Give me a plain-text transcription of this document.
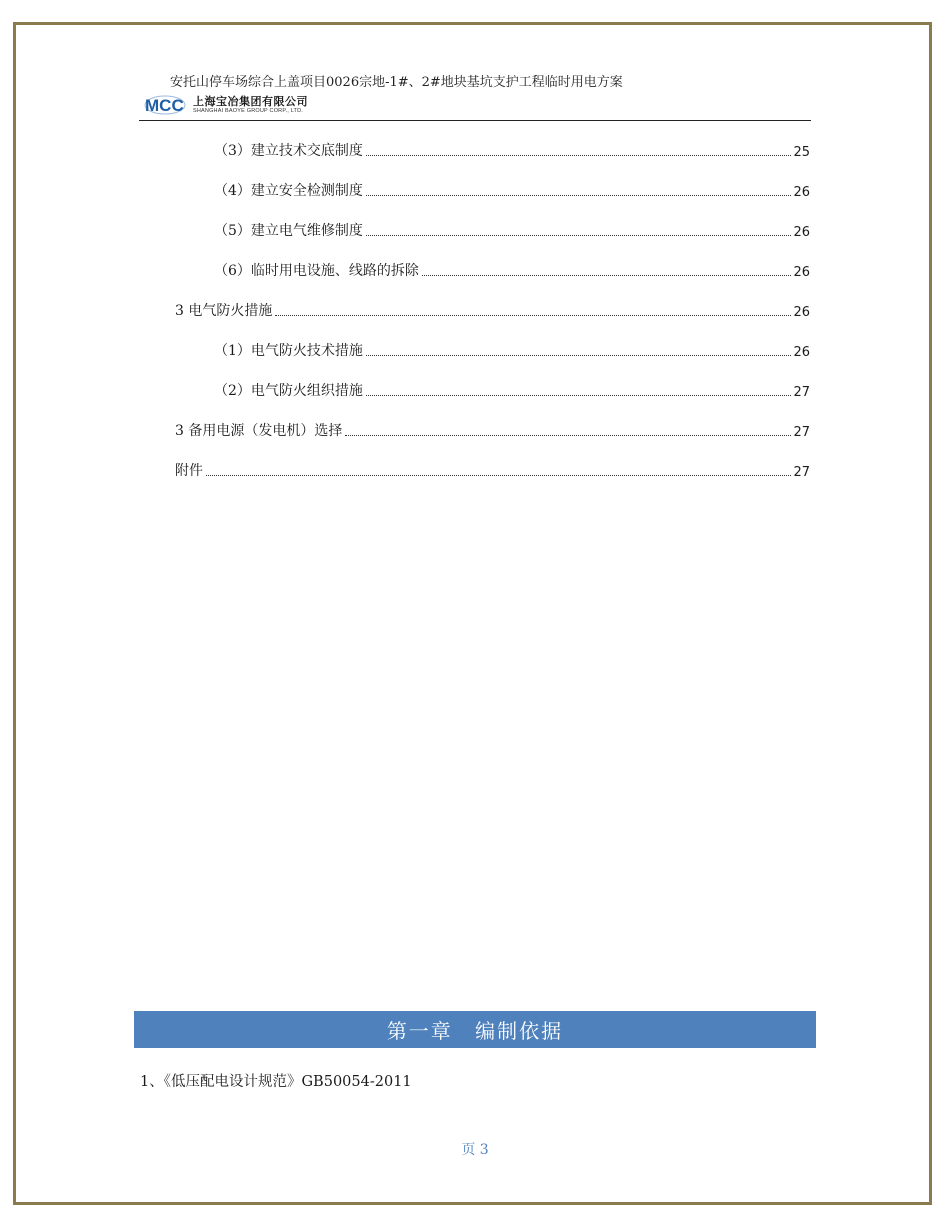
安托山停车场综合上盖项目0026宗地-1#、2#地块基坑支护工程临时用电方案
MCC 上海宝冶集团有限公司
SHANGHAI BAOYE GROUP CORP., LTD.
（3）建立技术交底制度	25
（4）建立安全检测制度	26
（5）建立电气维修制度	26
（6）临时用电设施、线路的拆除	26
3 电气防火措施	26
（1）电气防火技术措施	26
（2）电气防火组织措施	27
3 备用电源（发电机）选择	27
附件	27
第一章 编制依据
1、《低压配电设计规范》GB50054-2011
页 3
